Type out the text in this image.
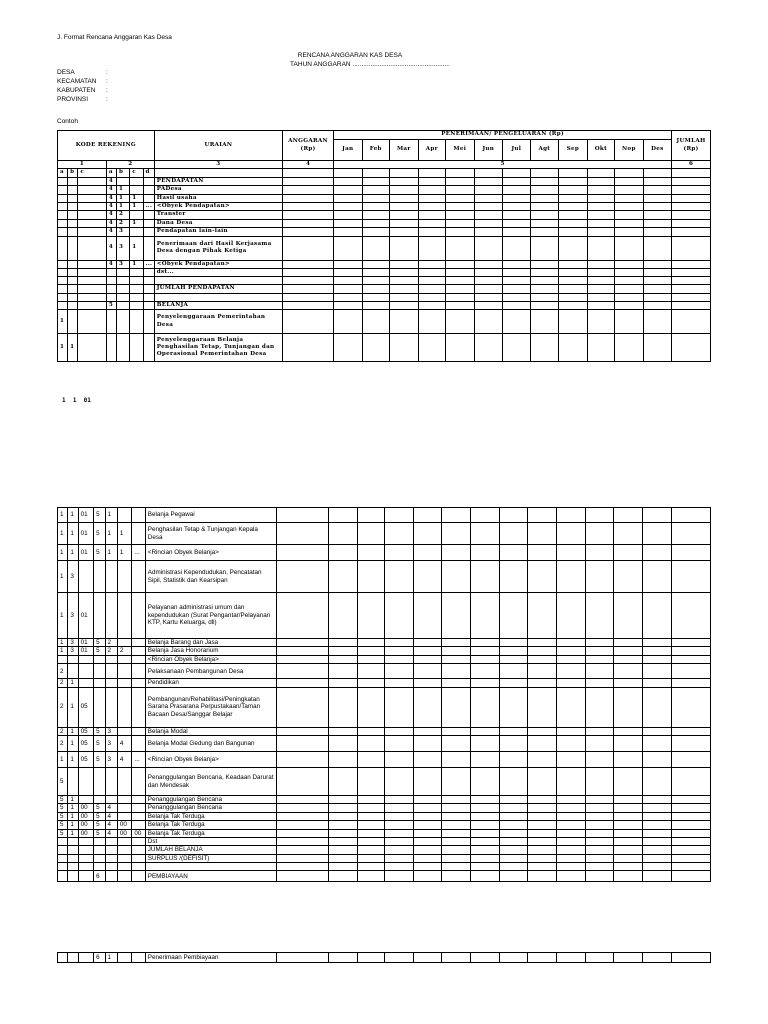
J. Format Rencana Anggaran Kas Desa
RENCANA ANGGARAN KAS DESA
TAHUN ANGGARAN ......................................................
DESA	:
KECAMATAN :
KABUPATEN :
PROVINSI	:
Contoh
KODE REKENING							URAIAN	ANGGARAN (Rp)	PENERIMAAN/ PENGELUARAN (Rp)												JUMLAH (Rp)
									Jan	Feb	Mar	Apr	Mei	Jun	Jul	Agt	Sep	Okt	Nop	Des	
1			2				3	4	5												6
a	b	c	a	b	c	d															
			4				PENDAPATAN														
			4	1			PADesa														
			4	1	1		Hasil usaha														
			4	1	1	...	<Obyek Pendapatan>														
			4	2			Transfer														
			4	2	1		Dana Desa														
			4	3			Pendapatan lain-lain														
			4	3	1		Penerimaan dari Hasil Kerjasama Desa dengan Pihak Ketiga														
			4	3	1	...	<Obyek Pendapatan>														
							dst...														

							JUMLAH PENDAPATAN														

			5				BELANJA														
1							Penyelenggaraan Pemerintahan Desa														
1	1						Penyelenggaraan Belanja Penghasilan Tetap, Tunjangan dan Operasional Pemerintahan Desa														
1  1  01
1	1	01	5	1			Belanja Pegawai														
1	1	01	5	1	1		Penghasilan Tetap & Tunjangan Kepala Desa														
1	1	01	5	1	1	...	<Rincian Obyek Belanja>														
1	3						Administrasi Kependudukan, Pencatatan Sipil, Statistik dan Kearsipan														
1	3	01					Pelayanan administrasi umum dan kependudukan (Surat Pengantar/Pelayanan KTP, Kartu Keluarga, dll)														
1	3	01	5	2			Belanja Barang dan Jasa														
1	3	01	5	2	2		Belanja Jasa Honorarium														
							<Rincian Obyek Belanja>														
2							Pelaksanaan Pembangunan Desa														
2	1						Pendidikan														
2	1	05					Pembangunan/Rehabilitasi/Peningkatan Sarana Prasarana Perpustakaan/Taman Bacaan Desa/Sanggar Belajar														
2	1	05	5	3			Belanja Modal														
2	1	05	5	3	4		Belanja Modal Gedung dan Bangunan														
1	1	05	5	3	4	...	<Rincian Obyek Belanja>														
5							Penanggulangan Bencana, Keadaan Darurat dan Mendesak														
5	1						Penanggulangan Bencana														
5	1	00	5	4			Penanggulangan Bencana														
5	1	00	5	4			Belanja Tak Terduga														
5	1	00	5	4	00		Belanja Tak Terduga														
5	1	00	5	4	00	00	Belanja Tak Terduga														
							Dst														
							JUMLAH BELANJA														
							SURPLUS /(DEFISIT)														

			6				PEMBIAYAAN														
			6	1			Penerimaan Pembiayaan														
